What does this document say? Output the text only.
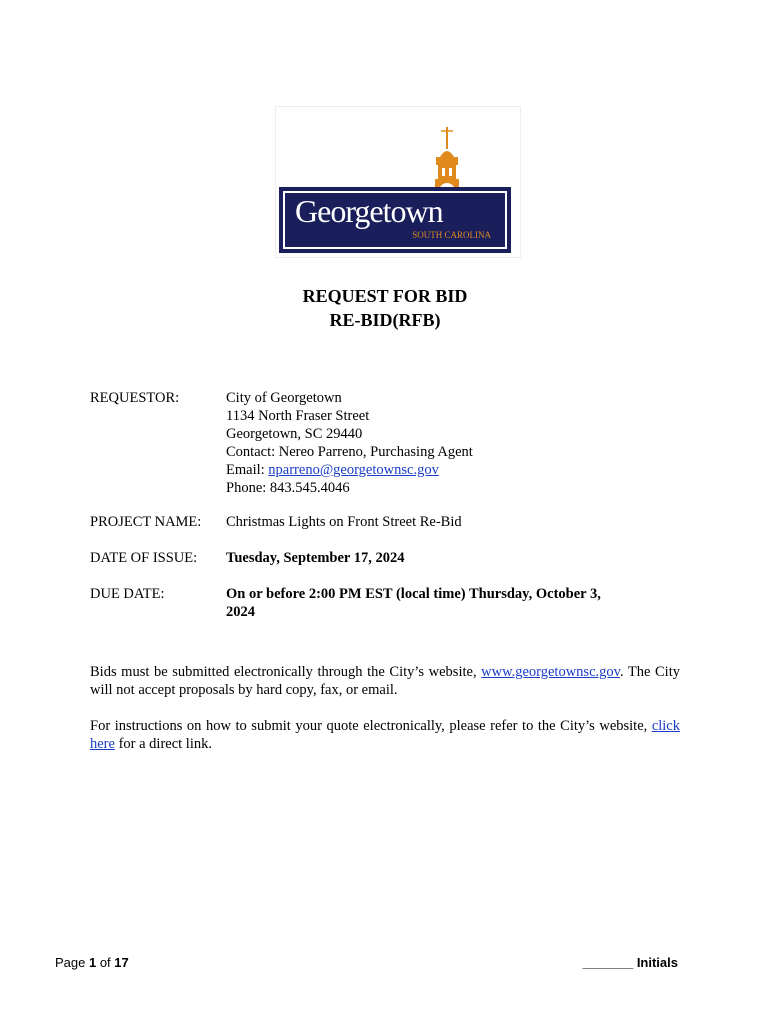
Georgetown
SOUTH CAROLINA
REQUEST FOR BID
RE-BID(RFB)
REQUESTOR:	City of Georgetown
1134 North Fraser Street
Georgetown, SC 29440
Contact: Nereo Parreno, Purchasing Agent
Email: nparreno@georgetownsc.gov
Phone: 843.545.4046
PROJECT NAME: Christmas Lights on Front Street Re-Bid
DATE OF ISSUE: Tuesday, September 17, 2024
DUE DATE:	On or before 2:00 PM EST (local time) Thursday, October 3,
2024
Bids must be submitted electronically through the City’s website, www.georgetownsc.gov. The City will not accept proposals by hard copy, fax, or email.
For instructions on how to submit your quote electronically, please refer to the City’s website, click here for a direct link.
Page 1 of 17	_______ Initials
